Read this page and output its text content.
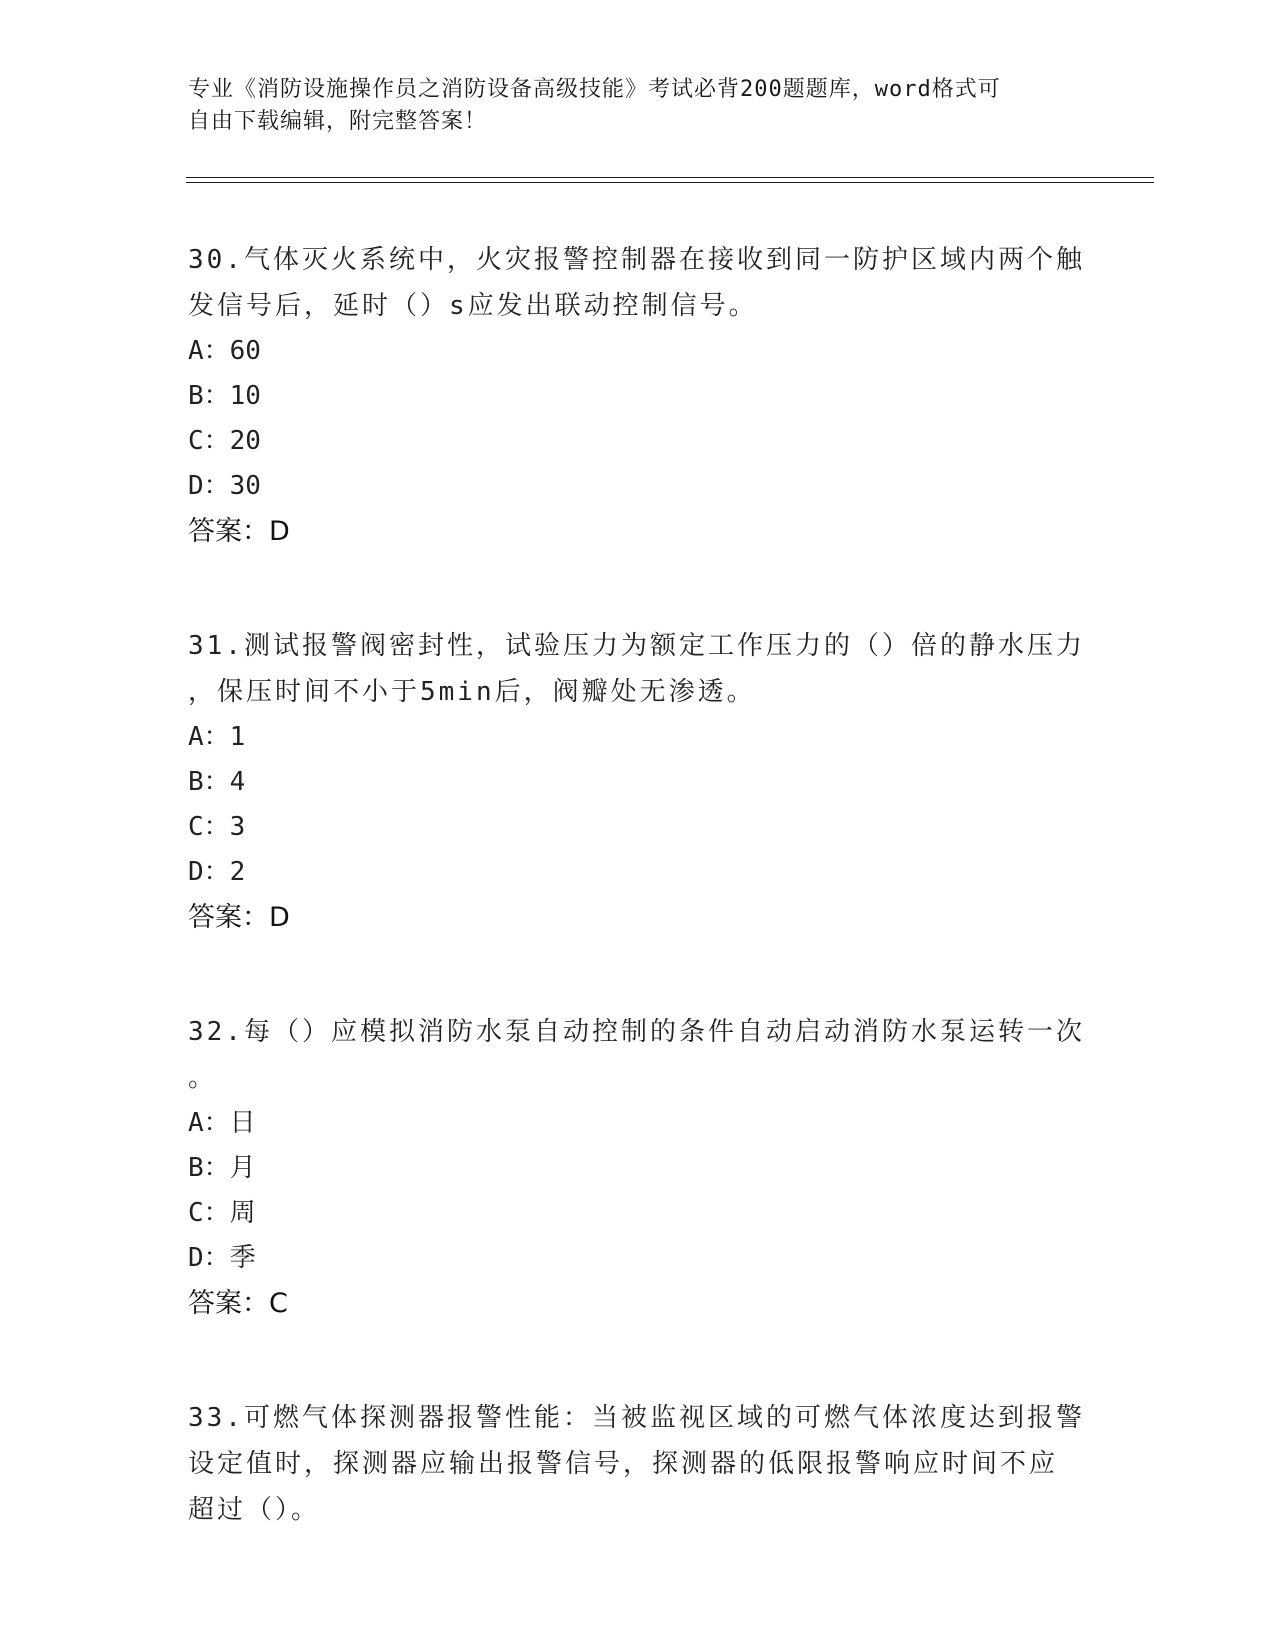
专业《消防设施操作员之消防设备高级技能》考试必背200题题库，word格式可
自由下载编辑，附完整答案！

30.气体灭火系统中，火灾报警控制器在接收到同一防护区域内两个触

发信号后，延时（）s应发出联动控制信号。

A：60

B：10

C：20

D：30

答案：D

31.测试报警阀密封性，试验压力为额定工作压力的（）倍的静水压力

，保压时间不小于5min后，阀瓣处无渗透。

A：1

B：4

C：3

D：2

答案：D

32.每（）应模拟消防水泵自动控制的条件自动启动消防水泵运转一次

。

A：日

B：月

C：周

D：季

答案：C

33.可燃气体探测器报警性能：当被监视区域的可燃气体浓度达到报警

设定值时，探测器应输出报警信号，探测器的低限报警响应时间不应

超过（）。
